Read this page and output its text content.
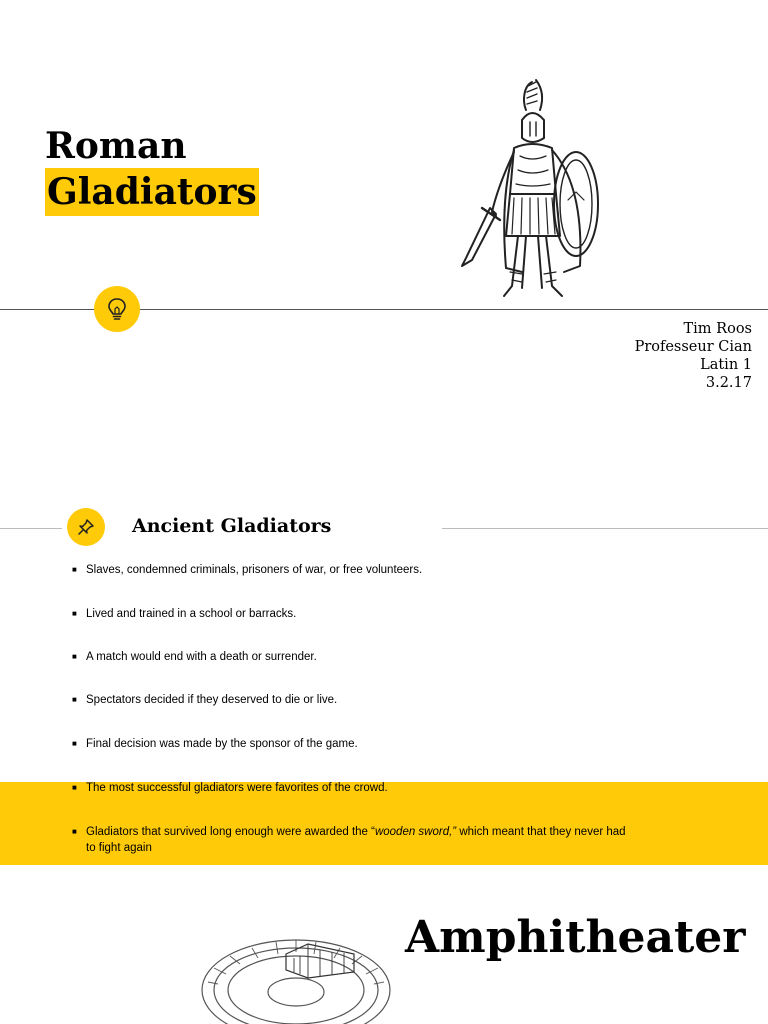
Roman
Gladiators
Tim Roos
Professeur Cian
Latin 1
3.2.17
Ancient Gladiators
■ Slaves, condemned criminals, prisoners of war, or free volunteers.
■ Lived and trained in a school or barracks.
■ A match would end with a death or surrender.
■ Spectators decided if they deserved to die or live.
■ Final decision was made by the sponsor of the game.
■ The most successful gladiators were favorites of the crowd.
■ Gladiators that survived long enough were awarded the “wooden sword,” which meant that they never had to fight again
Amphitheater
